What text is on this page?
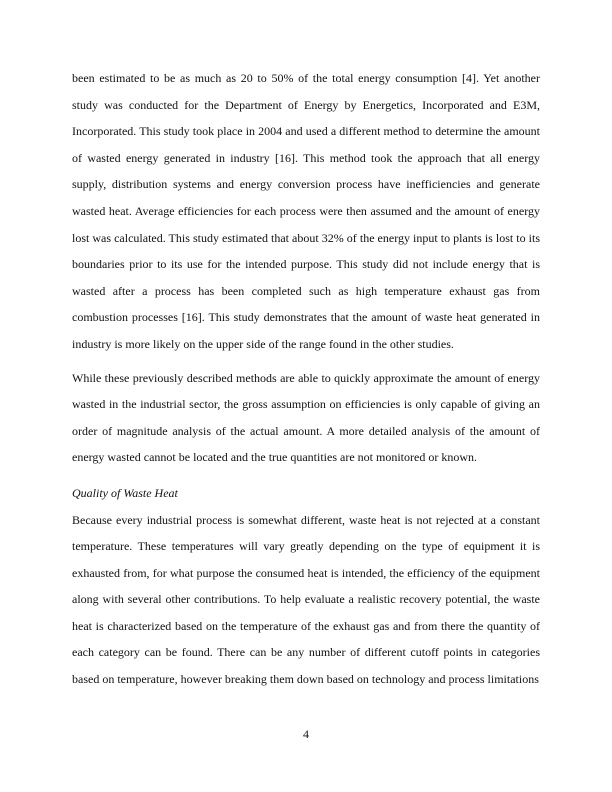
been estimated to be as much as 20 to 50% of the total energy consumption [4]. Yet another study was conducted for the Department of Energy by Energetics, Incorporated and E3M, Incorporated. This study took place in 2004 and used a different method to determine the amount of wasted energy generated in industry [16]. This method took the approach that all energy supply, distribution systems and energy conversion process have inefficiencies and generate wasted heat. Average efficiencies for each process were then assumed and the amount of energy lost was calculated. This study estimated that about 32% of the energy input to plants is lost to its boundaries prior to its use for the intended purpose. This study did not include energy that is wasted after a process has been completed such as high temperature exhaust gas from combustion processes [16]. This study demonstrates that the amount of waste heat generated in industry is more likely on the upper side of the range found in the other studies.

While these previously described methods are able to quickly approximate the amount of energy wasted in the industrial sector, the gross assumption on efficiencies is only capable of giving an order of magnitude analysis of the actual amount. A more detailed analysis of the amount of energy wasted cannot be located and the true quantities are not monitored or known.

Quality of Waste Heat

Because every industrial process is somewhat different, waste heat is not rejected at a constant temperature. These temperatures will vary greatly depending on the type of equipment it is exhausted from, for what purpose the consumed heat is intended, the efficiency of the equipment along with several other contributions. To help evaluate a realistic recovery potential, the waste heat is characterized based on the temperature of the exhaust gas and from there the quantity of each category can be found. There can be any number of different cutoff points in categories based on temperature, however breaking them down based on technology and process limitations

4
